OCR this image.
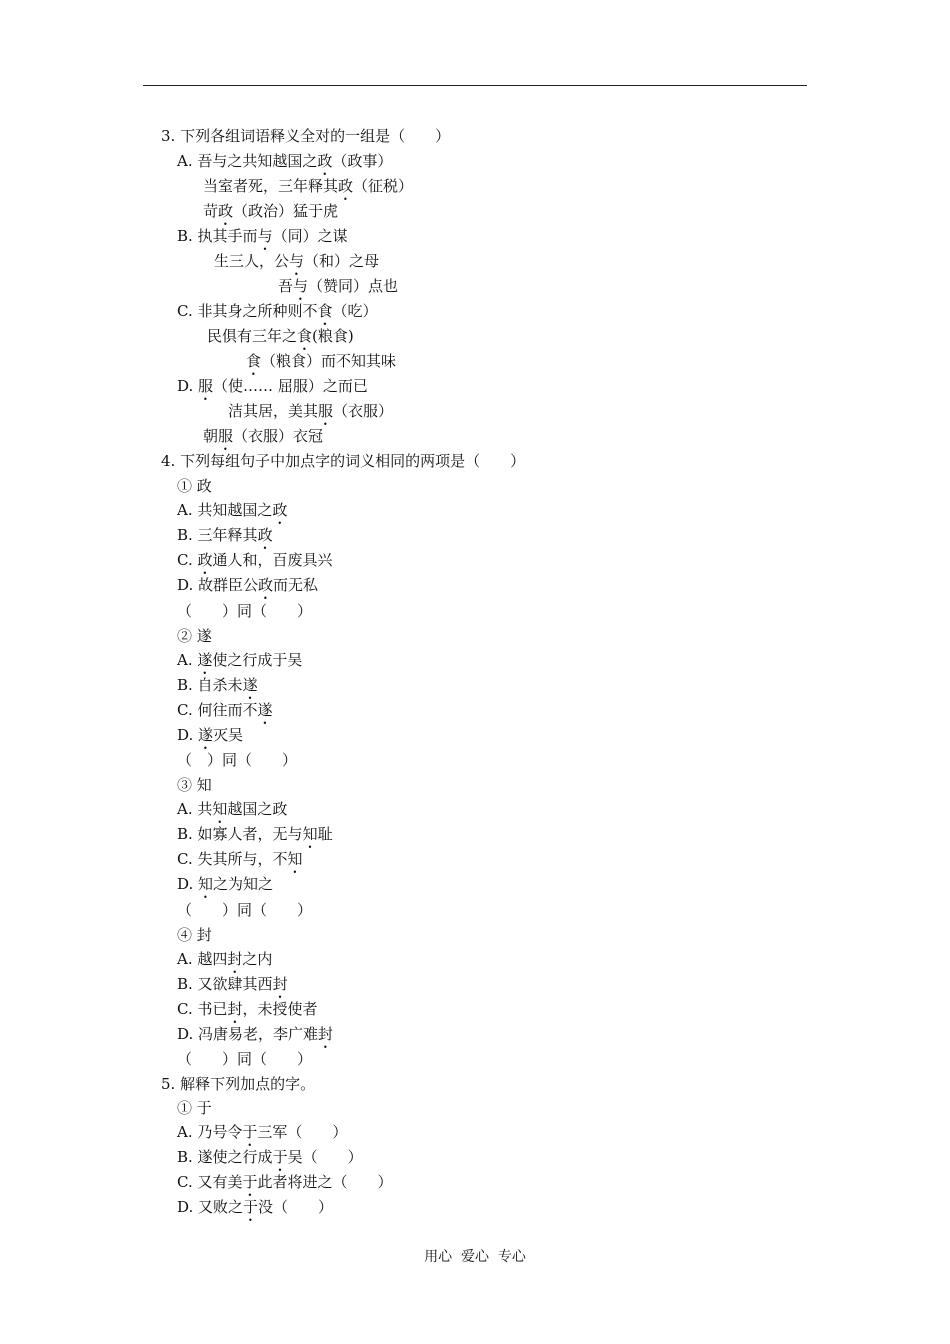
3. 下列各组词语释义全对的一组是（　　）
A. 吾与之共知越国之政（政事）
当室者死，三年释其政（征税）
苛政（政治）猛于虎
B. 执其手而与（同）之谋
生三人，公与（和）之母
吾与（赞同）点也
C. 非其身之所种则不食（吃）
民俱有三年之食(粮食)
食（粮食）而不知其味
D. 服（使…… 屈服）之而已
洁其居，美其服（衣服）
朝服（衣服）衣冠
4. 下列每组句子中加点字的词义相同的两项是（　　）
① 政
A. 共知越国之政
B. 三年释其政
C. 政通人和，百废具兴
D. 故群臣公政而无私
（　　）同（　　）
② 遂
A. 遂使之行成于吴
B. 自杀未遂
C. 何往而不遂
D. 遂灭吴
（　）同（　　）
③ 知
A. 共知越国之政
B. 如寡人者，无与知耻
C. 失其所与，不知
D. 知之为知之
（　　）同（　　）
④ 封
A. 越四封之内
B. 又欲肆其西封
C. 书已封，未授使者
D. 冯唐易老，李广难封
（　　）同（　　）
5. 解释下列加点的字。
① 于
A. 乃号令于三军（　　）
B. 遂使之行成于吴（　　）
C. 又有美于此者将进之（　　）
D. 又败之于没（　　）
用心  爱心  专心
